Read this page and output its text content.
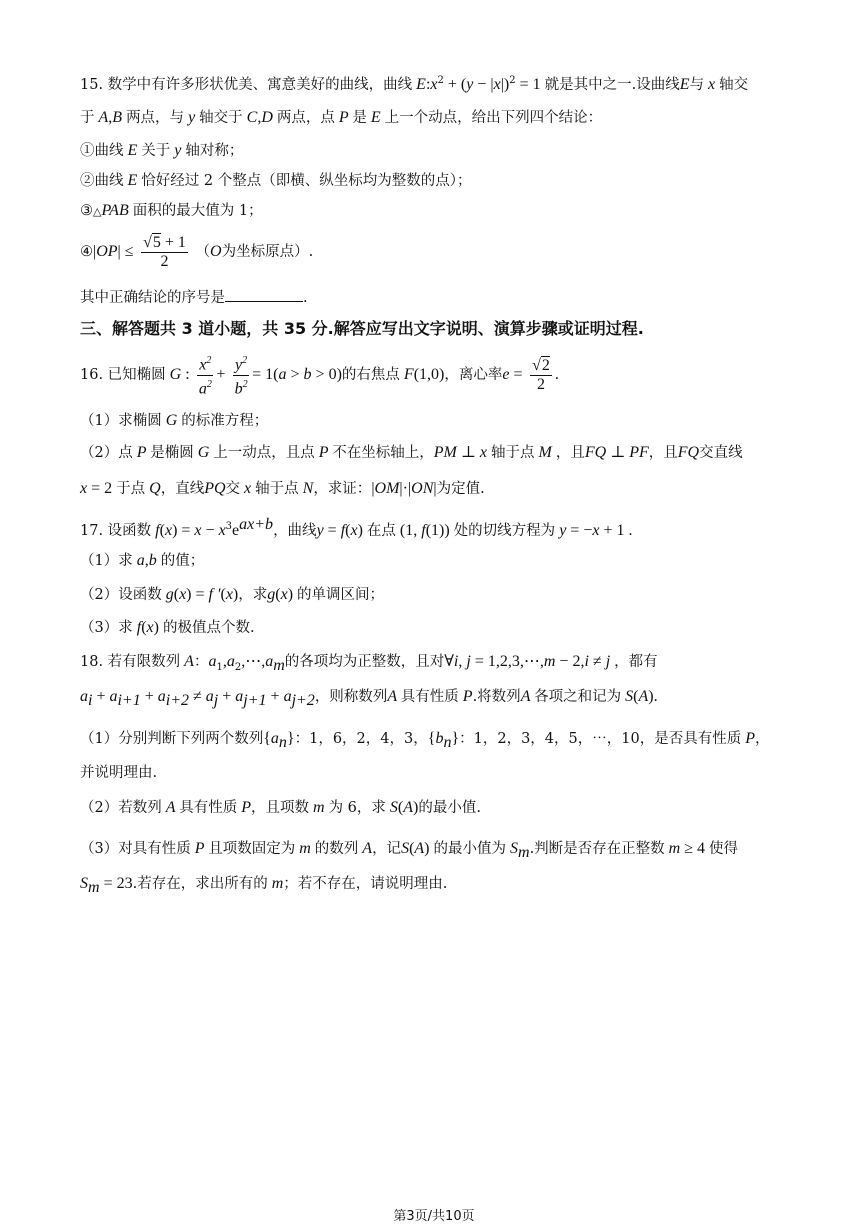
15. 数学中有许多形状优美、寓意美好的曲线，曲线 $E:x^2 + (y - |x|)^2 = 1$ 就是其中之一.设曲线E与 x 轴交
于 A,B 两点，与 y 轴交于 C,D 两点，点 P 是 E 上一个动点，给出下列四个结论：
①曲线 E 关于 y 轴对称；
②曲线 E 恰好经过 2 个整点（即横、纵坐标均为整数的点）；
③△PAB 面积的最大值为 1；
④|OP| ≤ $\frac{√5 + 1}{2} (O$为坐标原点）.
其中正确结论的序号是	.
三、解答题共 3 道小题，共 35 分.解答应写出文字说明、演算步骤或证明过程.
16. 已知椭圆 G : $\frac{x^2}{a^2} + \frac{y^2}{b^2} = 1(a > b > 0)$的右焦点 F(1,0)，离心率$e = \frac{√2}{2}$ .
（1）求椭圆 G 的标准方程；
（2）点 P 是椭圆 G 上一动点，且点 P 不在坐标轴上，PM ⊥ x 轴于点 M ，且FQ ⊥ PF，且FQ交直线
x = 2 于点 Q，直线PQ交 x 轴于点 N，求证：|OM|·|ON|为定值.
17. 设函数 $f(x) = x - x^3e^{ax+b}$，曲线y = f(x) 在点 (1, f(1)) 处的切线方程为 y = −x + 1 .
（1）求 a,b 的值；
（2）设函数 g(x) = f ′(x)，求g(x) 的单调区间；
（3）求 f(x) 的极值点个数.
18. 若有限数列 A：$a_1,a_2,\cdots,a_m$的各项均为正整数，且对∀i, j = 1,2,3,⋯,m − 2,i ≠ j ，都有
$a_i + a_{i+1} + a_{i+2} \ne a_j + a_{j+1} + a_{j+2}$，则称数列A 具有性质 P.将数列A 各项之和记为 S(A).
（1）分别判断下列两个数列$\{a_n\}$：1，6，2，4，3，$\{b_n\}$：1，2，3，4，5，⋯，10，是否具有性质 P，
并说明理由.
（2）若数列 A 具有性质 P，且项数 m 为 6，求 S(A)的最小值.
（3）对具有性质 P 且项数固定为 m 的数列 A，记S(A) 的最小值为 $S_m$.判断是否存在正整数 m ≥ 4 使得
$S_m = 23$.若存在，求出所有的 m；若不存在，请说明理由.
第3页/共10页
